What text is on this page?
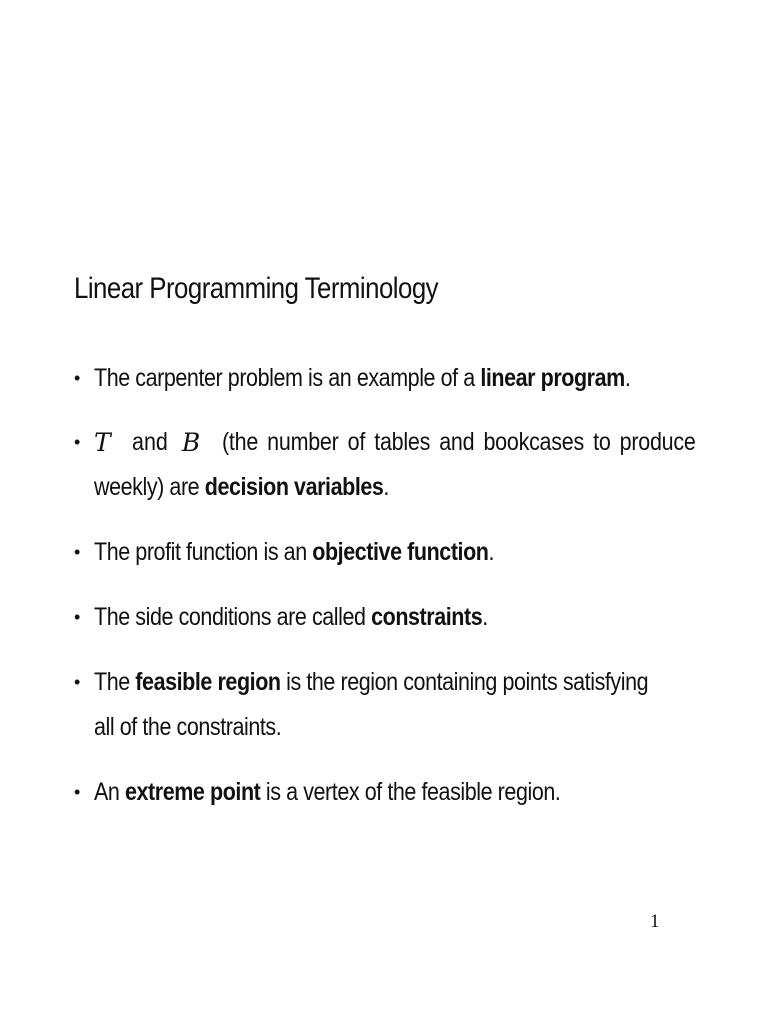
Linear Programming Terminology
• The carpenter problem is an example of a linear program.
• T and B (the number of tables and bookcases to produce
weekly) are decision variables.
• The profit function is an objective function.
• The side conditions are called constraints.
• The feasible region is the region containing points satisfying
all of the constraints.
• An extreme point is a vertex of the feasible region.

1
